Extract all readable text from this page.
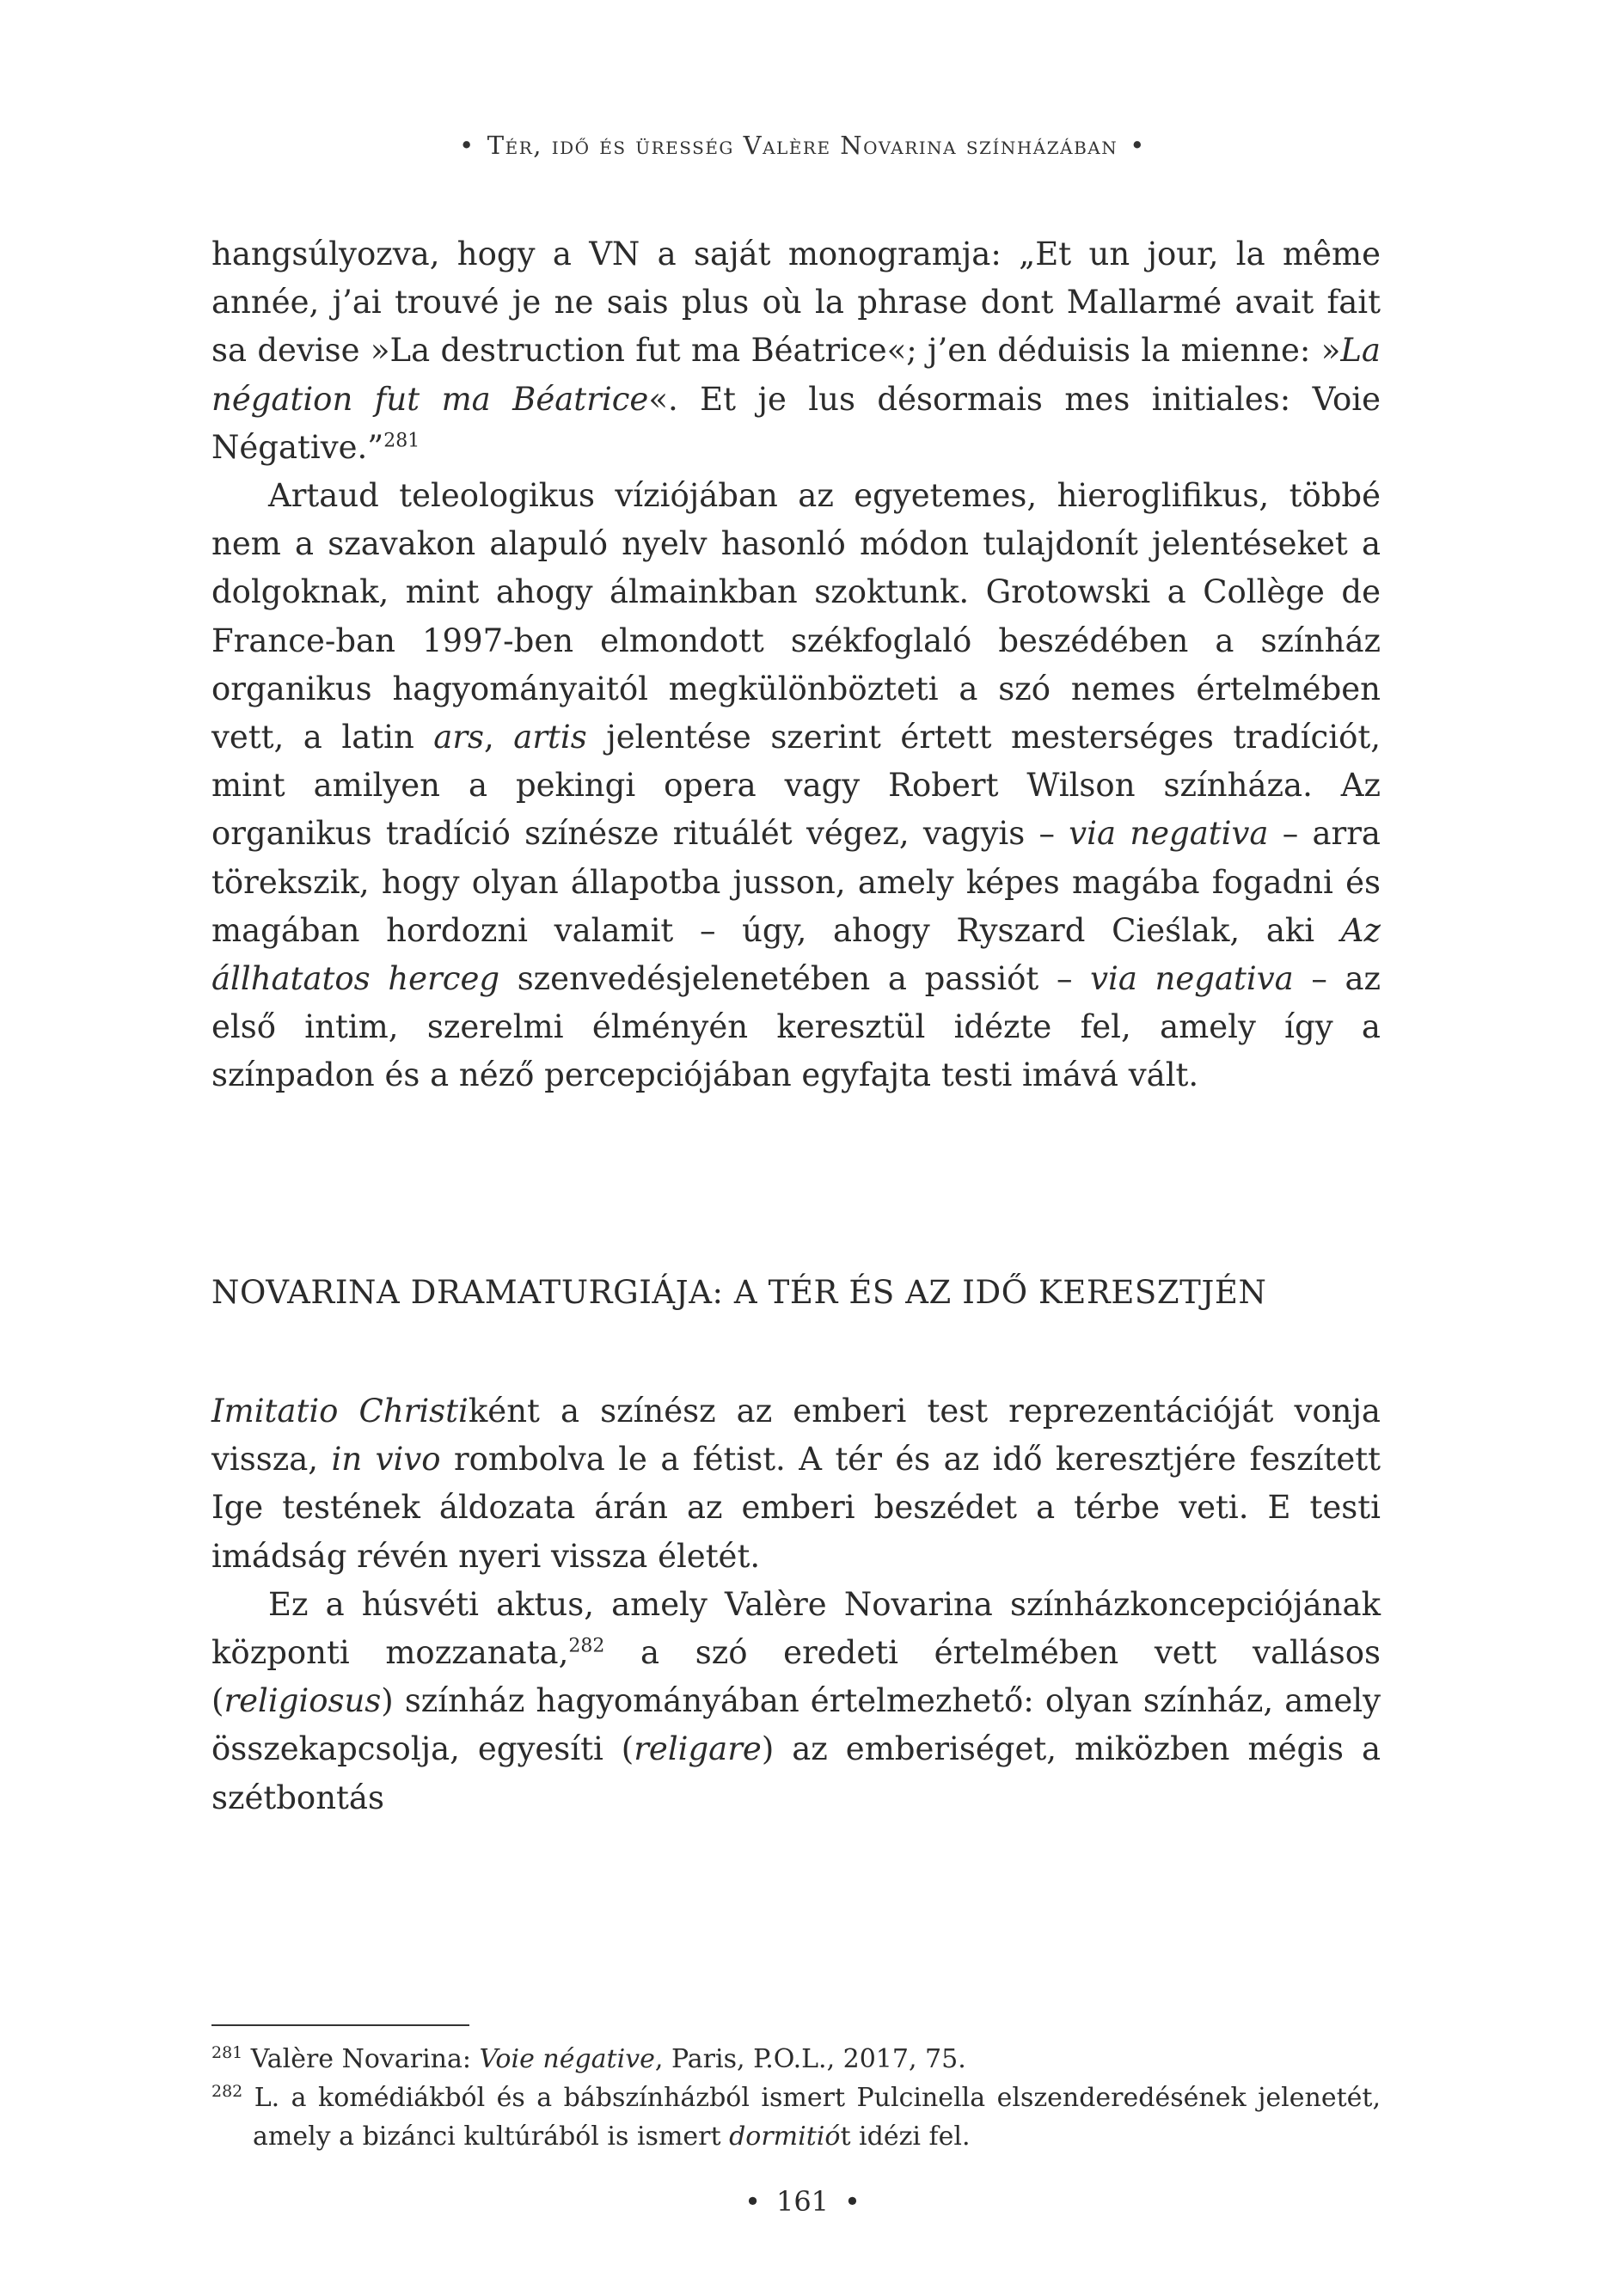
• Tér, idő és üresség Valère Novarina színházában •

hangsúlyozva, hogy a VN a saját monogramja: „Et un jour, la même année, j’ai trouvé je ne sais plus où la phrase dont Mallarmé avait fait sa devise »La destruction fut ma Béatrice«; j’en déduisis la mienne: »La négation fut ma Béatrice«. Et je lus désormais mes initiales: Voie Négative.”$^{281}$

Artaud teleologikus víziójában az egyetemes, hieroglifikus, többé nem a szavakon alapuló nyelv hasonló módon tulajdonít jelentéseket a dolgoknak, mint ahogy álmainkban szoktunk. Grotowski a Collège de France-ban 1997-ben elmondott székfoglaló beszédében a színház organikus hagyományaitól megkülönbözteti a szó nemes értelmében vett, a latin ars, artis jelentése szerint értett mesterséges tradíciót, mint amilyen a pekingi opera vagy Robert Wilson színháza. Az organikus tradíció színésze rituálét végez, vagyis – via negativa – arra törekszik, hogy olyan állapotba jusson, amely képes magába fogadni és magában hordozni valamit – úgy, ahogy Ryszard Cieślak, aki Az állhatatos herceg szenvedésjelenetében a passiót – via negativa – az első intim, szerelmi élményén keresztül idézte fel, amely így a színpadon és a néző percepciójában egyfajta testi imává vált.

NOVARINA DRAMATURGIÁJA: A TÉR ÉS AZ IDŐ KERESZTJÉN

Imitatio Christiként a színész az emberi test reprezentációját vonja vissza, in vivo rombolva le a fétist. A tér és az idő keresztjére feszített Ige testének áldozata árán az emberi beszédet a térbe veti. E testi imádság révén nyeri vissza életét.

Ez a húsvéti aktus, amely Valère Novarina színházkoncepciójának központi mozzanata,$^{282}$ a szó eredeti értelmében vett vallásos (religiosus) színház hagyományában értelmezhető: olyan színház, amely összekapcsolja, egyesíti (religare) az emberiséget, miközben mégis a szétbontás

$^{281}$ Valère Novarina: Voie négative, Paris, P.O.L., 2017, 75.

$^{282}$ L. a komédiákból és a bábszínházból ismert Pulcinella elszenderedésének jelenetét, amely a bizánci kultúrából is ismert dormitiót idézi fel.

• 161 •
